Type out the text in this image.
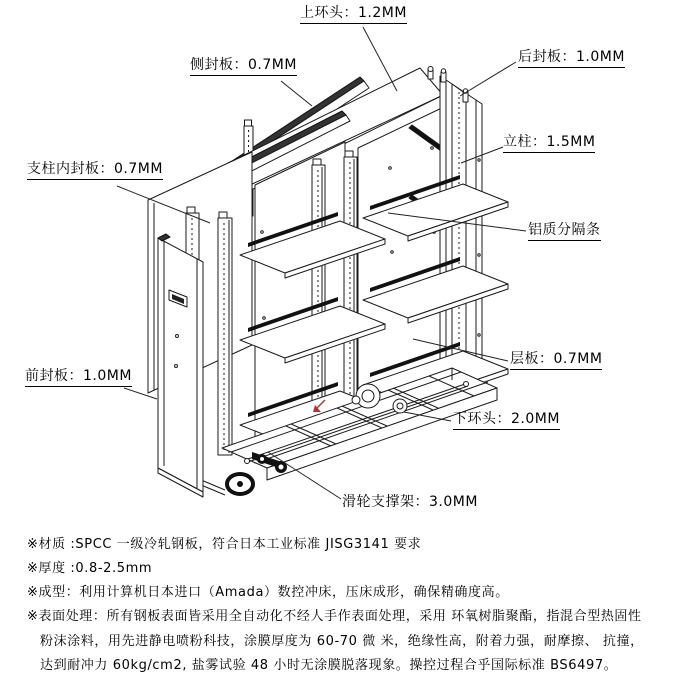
上环头：1.2MM
侧封板：0.7MM	后封板：1.0MM
立柱：1.5MM
支柱内封板：0.7MM
铝质分隔条
前封板：1.0MM
层板：0.7MM
下环头：2.0MM
滑轮支撑架：3.0MM
※材质 :SPCC 一级冷轧钢板，符合日本工业标准 JISG3141 要求
※厚度 :0.8-2.5mm
※成型：利用计算机日本进口（Amada）数控冲床，压床成形，确保精确度高。
※表面处理：所有钢板表面皆采用全自动化不经人手作表面处理，采用 环氧树脂聚酯，指混合型热固性
粉沫涂料，用先进静电喷粉科技，涂膜厚度为 60-70 微 米，绝缘性高，附着力强，耐摩擦、 抗撞，
达到耐冲力 60kg/cm2, 盐雾试验 48 小时无涂膜脱落现象。操控过程合乎国际标准 BS6497。
